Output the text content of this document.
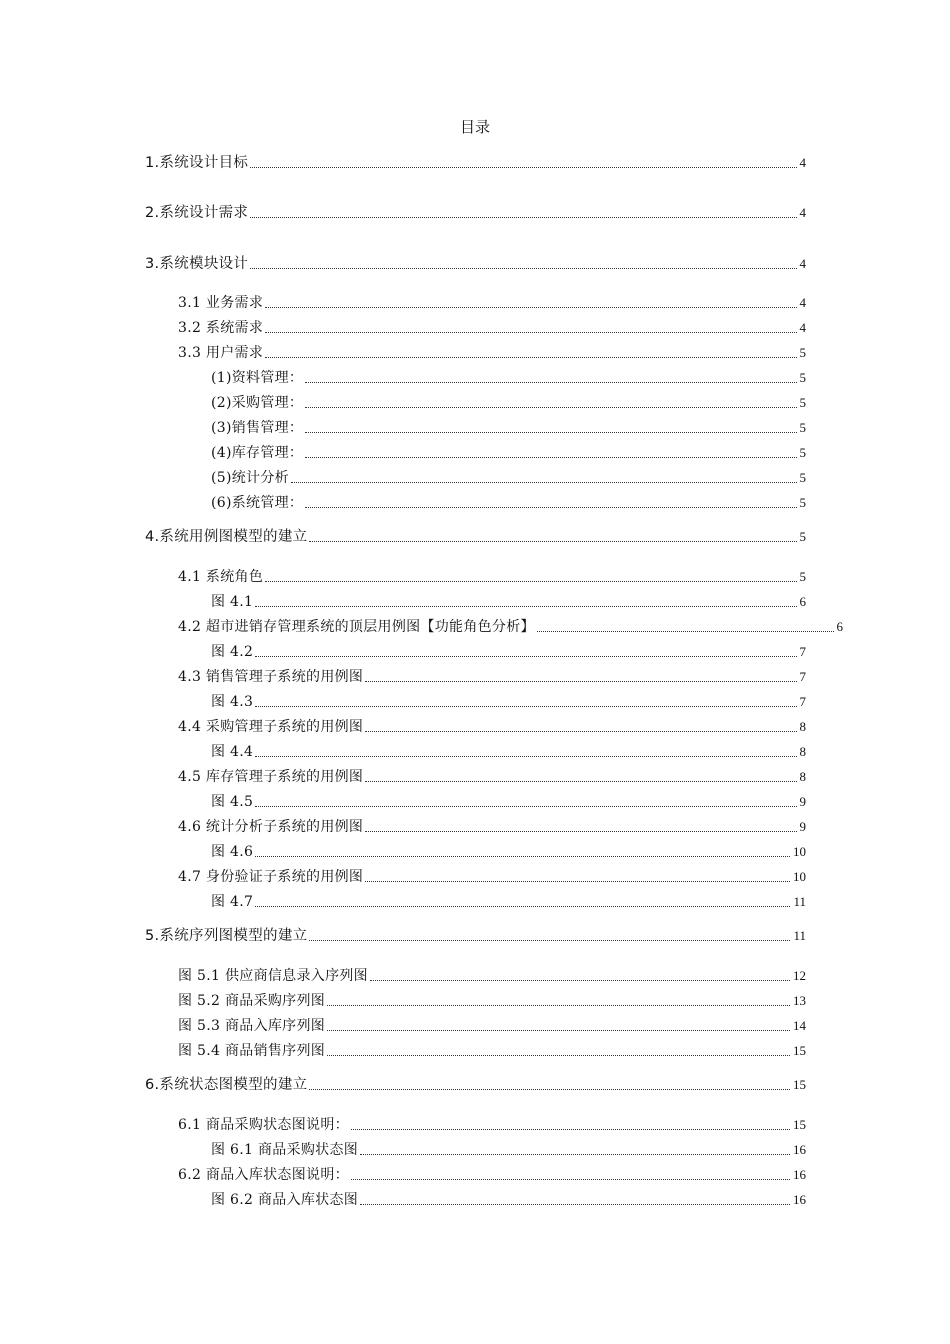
目录
1.系统设计目标	4
2.系统设计需求	4
3.系统模块设计	4
3.1 业务需求	4
3.2 系统需求	4
3.3 用户需求	5
(1)资料管理：	5
(2)采购管理：	5
(3)销售管理：	5
(4)库存管理：	5
(5)统计分析	5
(6)系统管理：	5
4.系统用例图模型的建立	5
4.1 系统角色	5
图 4.1	6
4.2 超市进销存管理系统的顶层用例图【功能角色分析】	6
图 4.2	7
4.3 销售管理子系统的用例图	7
图 4.3	7
4.4 采购管理子系统的用例图	8
图 4.4	8
4.5 库存管理子系统的用例图	8
图 4.5	9
4.6 统计分析子系统的用例图	9
图 4.6	10
4.7 身份验证子系统的用例图	10
图 4.7	11
5.系统序列图模型的建立	11
图 5.1 供应商信息录入序列图	12
图 5.2 商品采购序列图	13
图 5.3 商品入库序列图	14
图 5.4 商品销售序列图	15
6.系统状态图模型的建立	15
6.1 商品采购状态图说明：	15
图 6.1 商品采购状态图	16
6.2 商品入库状态图说明：	16
图 6.2 商品入库状态图	16
